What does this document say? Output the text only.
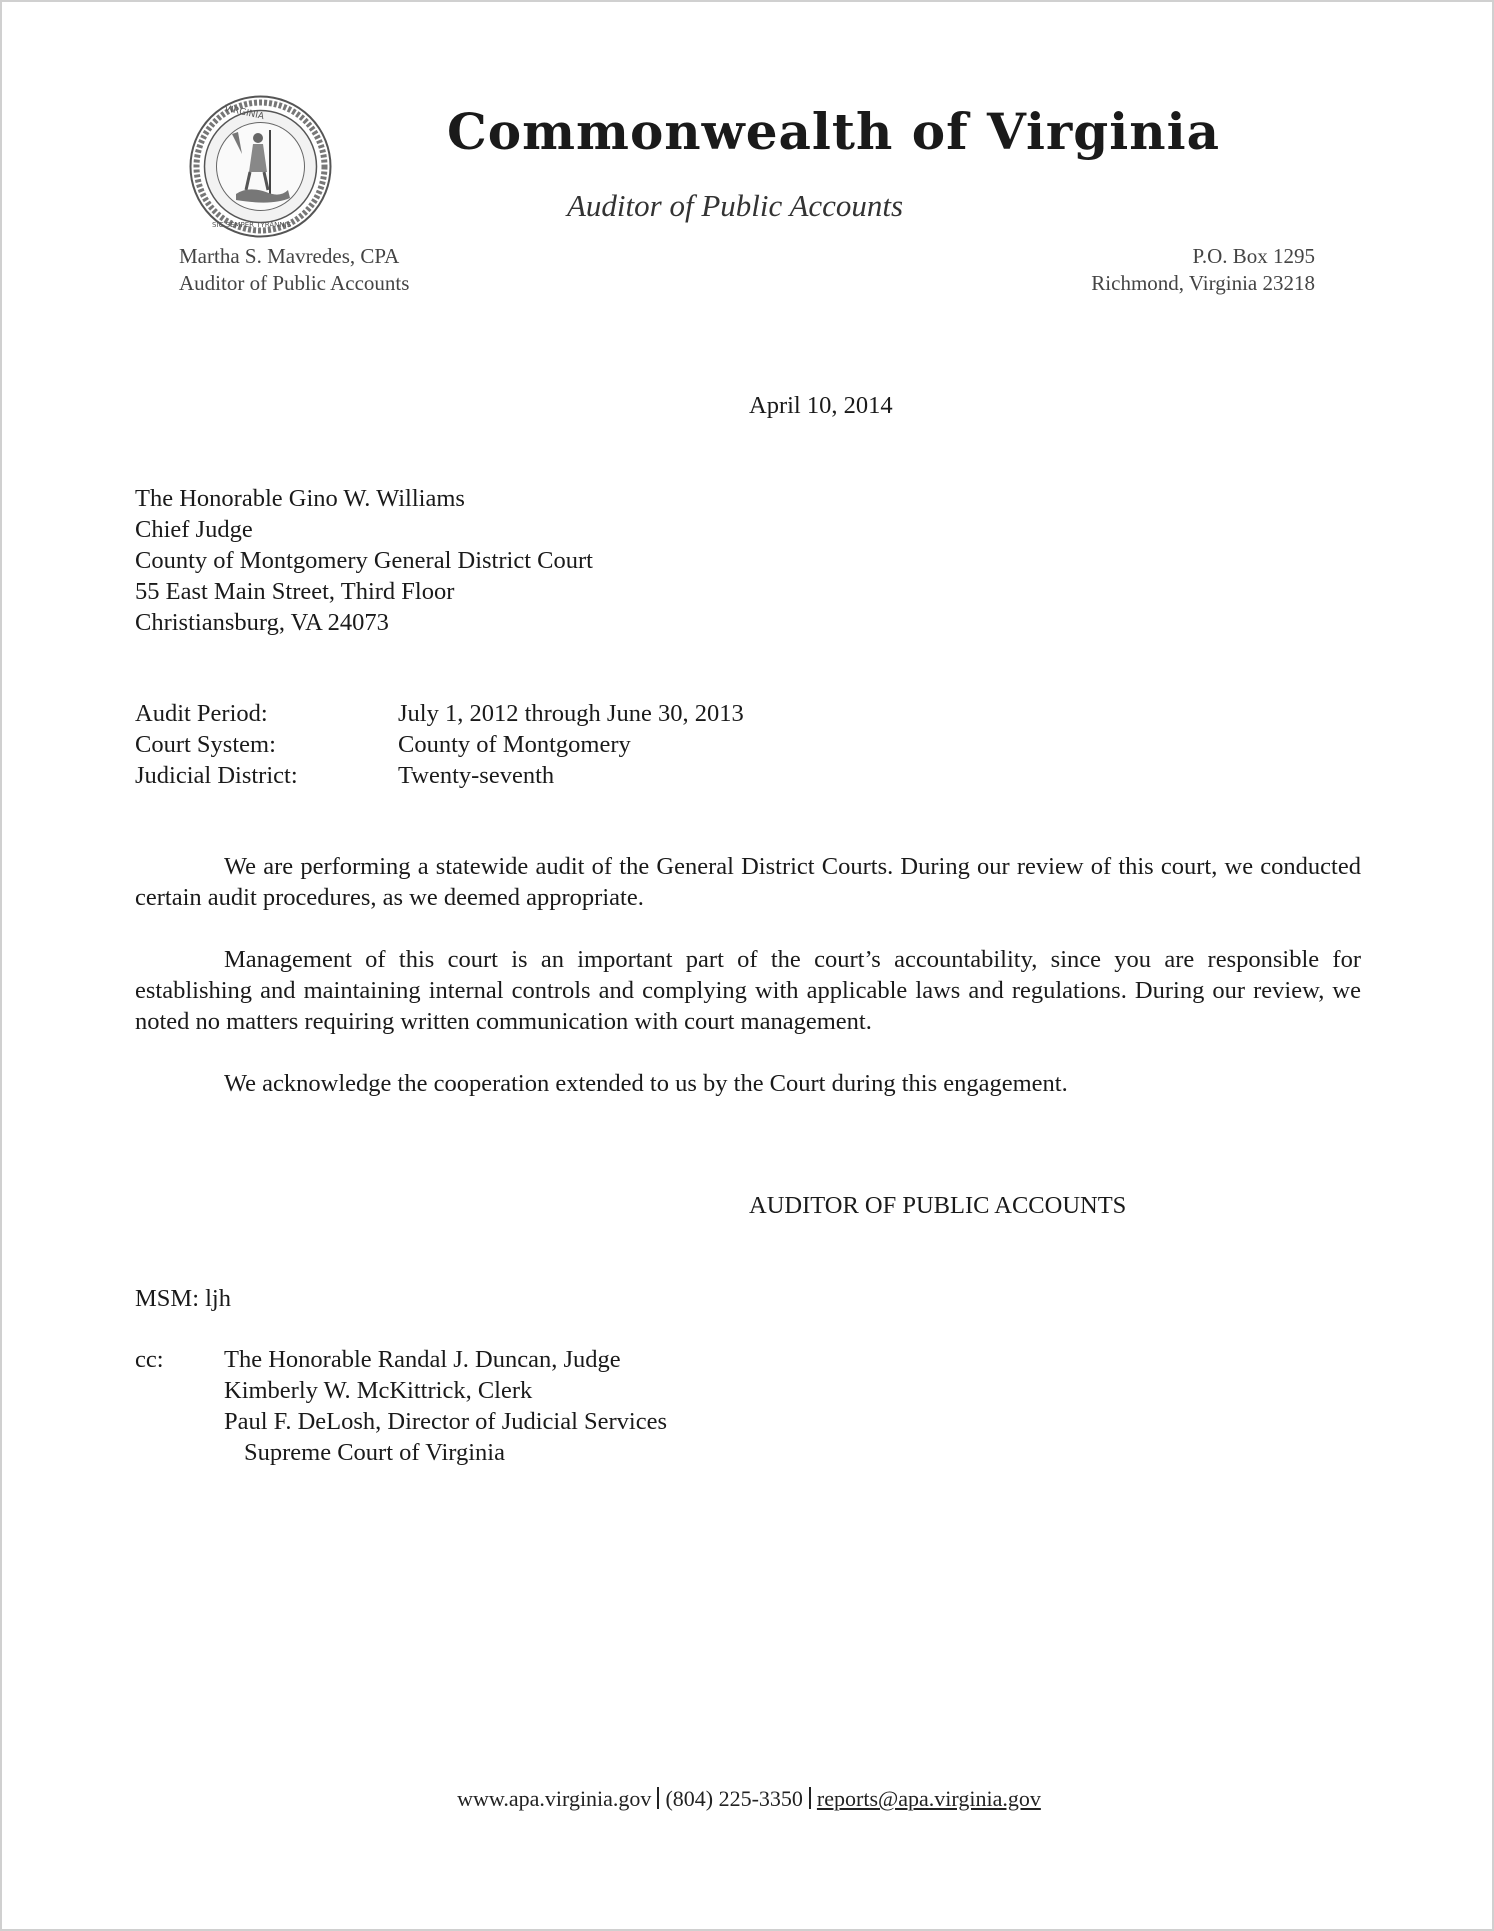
VIRGINIA
SIC SEMPER TYRANNIS
Commonwealth of Virginia
Auditor of Public Accounts
Martha S. Mavredes, CPA
Auditor of Public Accounts
P.O. Box 1295
Richmond, Virginia 23218
April 10, 2014
The Honorable Gino W. Williams
Chief Judge
County of Montgomery General District Court
55 East Main Street, Third Floor
Christiansburg, VA 24073
Audit Period:	July 1, 2012 through June 30, 2013
Court System:	County of Montgomery
Judicial District:	Twenty-seventh

We are performing a statewide audit of the General District Courts. During our review of this court, we conducted certain audit procedures, as we deemed appropriate.

Management of this court is an important part of the court’s accountability, since you are responsible for establishing and maintaining internal controls and complying with applicable laws and regulations. During our review, we noted no matters requiring written communication with court management.

We acknowledge the cooperation extended to us by the Court during this engagement.

AUDITOR OF PUBLIC ACCOUNTS
MSM: ljh
cc:	The Honorable Randal J. Duncan, Judge
Kimberly W. McKittrick, Clerk
Paul F. DeLosh, Director of Judicial Services
Supreme Court of Virginia
www.apa.virginia.gov (804) 225-3350 reports@apa.virginia.gov
